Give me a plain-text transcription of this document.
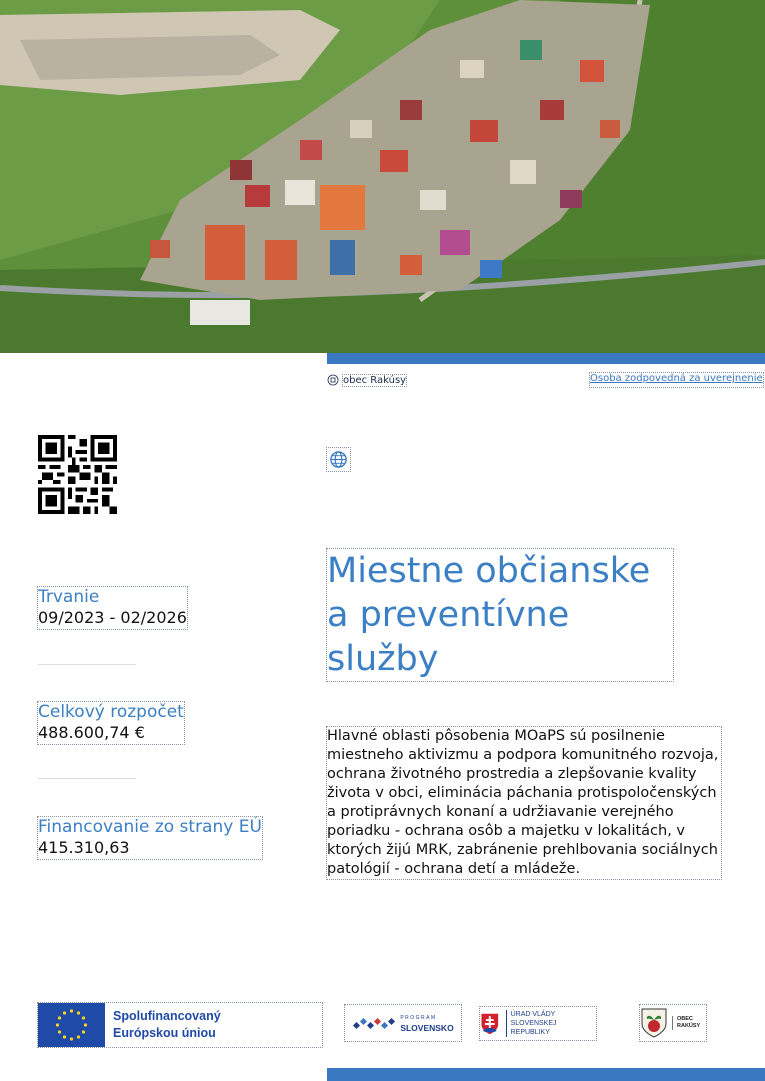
obec Rakúsy	Osoba zodpovedná za uverejnenie
Miestne občianske a preventívne služby
Trvanie
09/2023 - 02/2026
Celkový rozpočet
488.600,74 €
Financovanie zo strany EÚ
415.310,63
Hlavné oblasti pôsobenia MOaPS sú posilnenie miestneho aktivizmu a podpora komunitného rozvoja, ochrana životného prostredia a zlepšovanie kvality života v obci, eliminácia páchania protispoločenských a protiprávnych konaní a udržiavanie verejného poriadku - ochrana osôb a majetku v lokalitách, v ktorých žijú MRK, zabránenie prehlbovania sociálnych patológií - ochrana detí a mládeže.
Spolufinancovaný
Európskou úniou
PROGRAM
SLOVENSKO
ÚRAD VLÁDY
SLOVENSKEJ REPUBLIKY
OBEC
RAKÚSY
